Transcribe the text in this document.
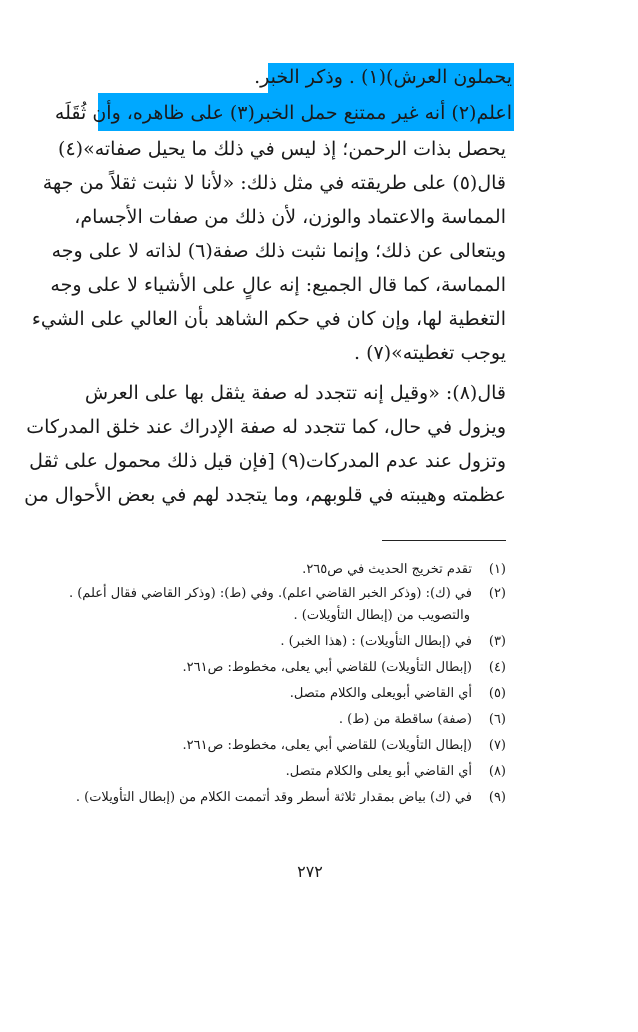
يحملون العرش)(١) . وذكر الخبر.
اعلم(٢) أنه غير ممتنع حمل الخبر(٣) على ظاهره، وأن ثُقَلَه
يحصل بذات الرحمن؛ إذ ليس في ذلك ما يحيل صفاته»(٤)
قال(٥) على طريقته في مثل ذلك: «لأنا لا نثبت ثقلاً من جهة
المماسة والاعتماد والوزن، لأن ذلك من صفات الأجسام،
ويتعالى عن ذلك؛ وإنما نثبت ذلك صفة(٦) لذاته لا على وجه
المماسة، كما قال الجميع: إنه عالٍ على الأشياء لا على وجه
التغطية لها، وإن كان في حكم الشاهد بأن العالي على الشيء
يوجب تغطيته»(٧) .
قال(٨): «وقيل إنه تتجدد له صفة يثقل بها على العرش
ويزول في حال، كما تتجدد له صفة الإدراك عند خلق المدركات
وتزول عند عدم المدركات(٩) [فإن قيل ذلك محمول على ثقل
عظمته وهيبته في قلوبهم، وما يتجدد لهم في بعض الأحوال من
(١)تقدم تخريج الحديث في ص٢٦٥.
(٢)في (ك): (وذكر الخبر القاضي اعلم). وفي (ط): (وذكر القاضي فقال أعلم) .
والتصويب من (إبطال التأويلات) .
(٣)في (إبطال التأويلات) : (هذا الخبر) .
(٤)(إبطال التأويلات) للقاضي أبي يعلى، مخطوط: ص٢٦١.
(٥)أي القاضي أبويعلى والكلام متصل.
(٦)(صفة) ساقطة من (ط) .
(٧)(إبطال التأويلات) للقاضي أبي يعلى، مخطوط: ص٢٦١.
(٨)أي القاضي أبو يعلى والكلام متصل.
(٩)في (ك) بياض بمقدار ثلاثة أسطر وقد أتممت الكلام من (إبطال التأويلات) .
٢٧٢
